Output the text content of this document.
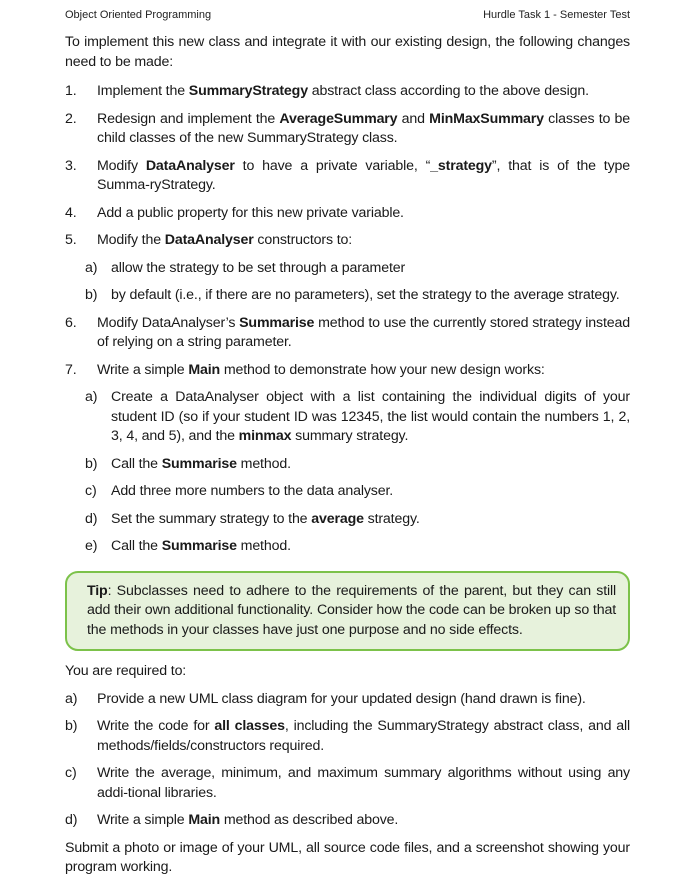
Object Oriented Programming	Hurdle Task 1 - Semester Test

To implement this new class and integrate it with our existing design, the following changes need to be made:

1.	Implement the SummaryStrategy abstract class according to the above design.
2.	Redesign and implement the AverageSummary and MinMaxSummary classes to be child classes of the new SummaryStrategy class.
3.	Modify DataAnalyser to have a private variable, “_strategy”, that is of the type Summa-ryStrategy.
4.	Add a public property for this new private variable.
5.	Modify the DataAnalyser constructors to:
a) allow the strategy to be set through a parameter
b) by default (i.e., if there are no parameters), set the strategy to the average strategy.
6.	Modify DataAnalyser’s Summarise method to use the currently stored strategy instead of relying on a string parameter.
7.	Write a simple Main method to demonstrate how your new design works:
a) Create a DataAnalyser object with a list containing the individual digits of your student ID (so if your student ID was 12345, the list would contain the numbers 1, 2, 3, 4, and 5), and the minmax summary strategy.
b) Call the Summarise method.
c)	Add three more numbers to the data analyser.
d) Set the summary strategy to the average strategy.
e) Call the Summarise method.

Tip: Subclasses need to adhere to the requirements of the parent, but they can still add their own additional functionality. Consider how the code can be broken up so that the methods in your classes have just one purpose and no side effects.

You are required to:

a)	Provide a new UML class diagram for your updated design (hand drawn is fine).
b)	Write the code for all classes, including the SummaryStrategy abstract class, and all methods/fields/constructors required.
c)	Write the average, minimum, and maximum summary algorithms without using any addi-tional libraries.
d)	Write a simple Main method as described above.

Submit a photo or image of your UML, all source code files, and a screenshot showing your program working.
